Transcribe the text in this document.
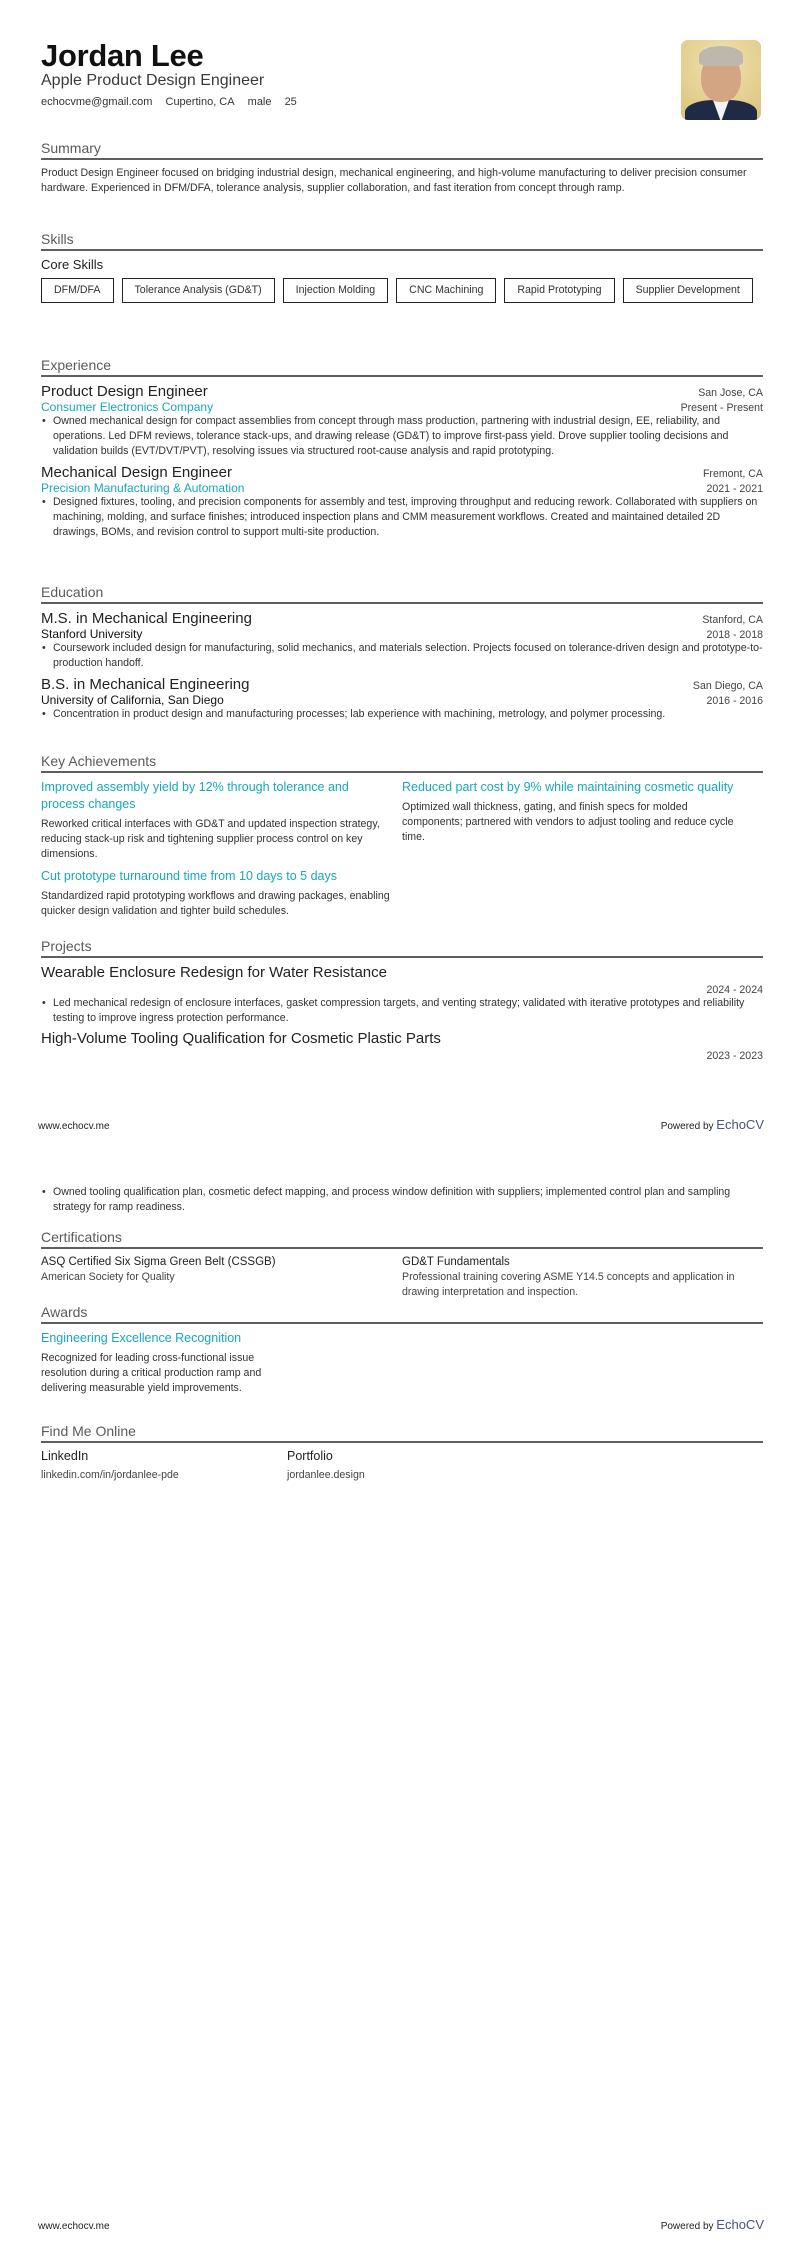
Jordan Lee
Apple Product Design Engineer
echocvme@gmail.com Cupertino, CA male 25
Summary
Product Design Engineer focused on bridging industrial design, mechanical engineering, and high-volume manufacturing to deliver precision consumer hardware. Experienced in DFM/DFA, tolerance analysis, supplier collaboration, and fast iteration from concept through ramp.
Skills
Core Skills
DFM/DFA	Tolerance Analysis (GD&T)	Injection Molding	CNC Machining	Rapid Prototyping	Supplier Development
Experience
Product Design Engineer	San Jose, CA
Consumer Electronics Company	Present - Present
• Owned mechanical design for compact assemblies from concept through mass production, partnering with industrial design, EE, reliability, and operations. Led DFM reviews, tolerance stack-ups, and drawing release (GD&T) to improve first-pass yield. Drove supplier tooling decisions and validation builds (EVT/DVT/PVT), resolving issues via structured root-cause analysis and rapid prototyping.
Mechanical Design Engineer	Fremont, CA
Precision Manufacturing & Automation	2021 - 2021
• Designed fixtures, tooling, and precision components for assembly and test, improving throughput and reducing rework. Collaborated with suppliers on machining, molding, and surface finishes; introduced inspection plans and CMM measurement workflows. Created and maintained detailed 2D drawings, BOMs, and revision control to support multi-site production.
Education
M.S. in Mechanical Engineering	Stanford, CA
Stanford University	2018 - 2018
• Coursework included design for manufacturing, solid mechanics, and materials selection. Projects focused on tolerance-driven design and prototype-to-production handoff.
B.S. in Mechanical Engineering	San Diego, CA
University of California, San Diego	2016 - 2016
• Concentration in product design and manufacturing processes; lab experience with machining, metrology, and polymer processing.
Key Achievements
Improved assembly yield by 12% through tolerance and process changes
Reworked critical interfaces with GD&T and updated inspection strategy, reducing stack-up risk and tightening supplier process control on key dimensions.
Reduced part cost by 9% while maintaining cosmetic quality
Optimized wall thickness, gating, and finish specs for molded components; partnered with vendors to adjust tooling and reduce cycle time.
Cut prototype turnaround time from 10 days to 5 days
Standardized rapid prototyping workflows and drawing packages, enabling quicker design validation and tighter build schedules.
Projects
Wearable Enclosure Redesign for Water Resistance
2024 - 2024
• Led mechanical redesign of enclosure interfaces, gasket compression targets, and venting strategy; validated with iterative prototypes and reliability testing to improve ingress protection performance.
High-Volume Tooling Qualification for Cosmetic Plastic Parts
2023 - 2023
www.echocv.me	Powered by EchoCV
• Owned tooling qualification plan, cosmetic defect mapping, and process window definition with suppliers; implemented control plan and sampling strategy for ramp readiness.
Certifications
ASQ Certified Six Sigma Green Belt (CSSGB)
American Society for Quality
GD&T Fundamentals
Professional training covering ASME Y14.5 concepts and application in drawing interpretation and inspection.
Awards
Engineering Excellence Recognition
Recognized for leading cross-functional issue resolution during a critical production ramp and delivering measurable yield improvements.
Find Me Online
LinkedIn
linkedin.com/in/jordanlee-pde
Portfolio
jordanlee.design
www.echocv.me	Powered by EchoCV
